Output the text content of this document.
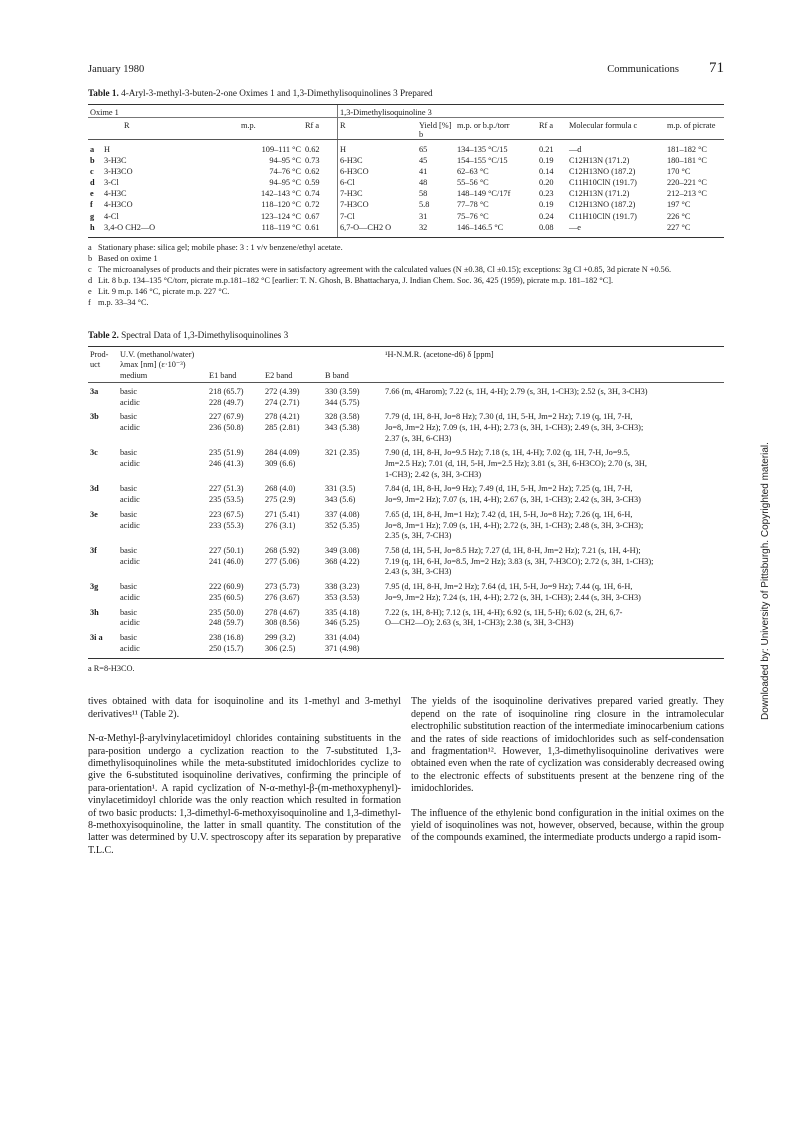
January 1980	Communications 71
Table 1. 4-Aryl-3-methyl-3-buten-2-one Oximes 1 and 1,3-Dimethylisoquinolines 3 Prepared
Oxime 1				1,3-Dimethylisoquinoline 3					
	R	m.p.	Rf a	R	Yield [%] b	m.p. or b.p./torr	Rf a	Molecular formula c	m.p. of picrate
a	H	109–111 °C	0.62	H	65	134–135 °C/15	0.21	—d	181–182 °C
b	3-H3C	94–95 °C	0.73	6-H3C	45	154–155 °C/15	0.19	C12H13N (171.2)	180–181 °C
c	3-H3CO	74–76 °C	0.62	6-H3CO	41	62–63 °C	0.14	C12H13NO (187.2)	170 °C
d	3-Cl	94–95 °C	0.59	6-Cl	48	55–56 °C	0.20	C11H10ClN (191.7)	220–221 °C
e	4-H3C	142–143 °C	0.74	7-H3C	58	148–149 °C/17f	0.23	C12H13N (171.2)	212–213 °C
f	4-H3CO	118–120 °C	0.72	7-H3CO	5.8	77–78 °C	0.19	C12H13NO (187.2)	197 °C
g	4-Cl	123–124 °C	0.67	7-Cl	31	75–76 °C	0.24	C11H10ClN (191.7)	226 °C
h	3,4-O CH2—O	118–119 °C	0.61	6,7-O—CH2 O	32	146–146.5 °C	0.08	—e	227 °C

a Stationary phase: silica gel; mobile phase: 3 : 1 v/v benzene/ethyl acetate.

b Based on oxime 1

c The microanalyses of products and their picrates were in satisfactory agreement with the calculated values (N ±0.38, Cl ±0.15); exceptions: 3g Cl +0.85, 3d picrate N +0.56.

d Lit. 8 b.p. 134–135 °C/torr, picrate m.p.181–182 °C [earlier: T. N. Ghosh, B. Bhattacharya, J. Indian Chem. Soc. 36, 425 (1959), picrate m.p. 181–182 °C].

e Lit. 9 m.p. 146 °C, picrate m.p. 227 °C.

f m.p. 33–34 °C.

Table 2. Spectral Data of 1,3-Dimethylisoquinolines 3
Prod-uct	U.V. (methanol/water) λmax [nm] (ε·10⁻³) medium	E1 band	E2 band	B band	¹H-N.M.R. (acetone-d6) δ [ppm]
3a	basic	218 (65.7)	272 (4.39)	330 (3.59)	7.66 (m, 4Harom); 7.22 (s, 1H, 4-H); 2.79 (s, 3H, 1-CH3); 2.52 (s, 3H, 3-CH3)
	acidic	228 (49.7)	274 (2.71)	344 (5.75)	
3b	basic	227 (67.9)	278 (4.21)	328 (3.58)	7.79 (d, 1H, 8-H, Jo=8 Hz); 7.30 (d, 1H, 5-H, Jm=2 Hz); 7.19 (q, 1H, 7-H,
	acidic	236 (50.8)	285 (2.81)	343 (5.38)	Jo=8, Jm=2 Hz); 7.09 (s, 1H, 4-H); 2.73 (s, 3H, 1-CH3); 2.49 (s, 3H, 3-CH3);
					2.37 (s, 3H, 6-CH3)
3c	basic	235 (51.9)	284 (4.09)	321 (2.35)	7.90 (d, 1H, 8-H, Jo=9.5 Hz); 7.18 (s, 1H, 4-H); 7.02 (q, 1H, 7-H, Jo=9.5,
	acidic	246 (41.3)	309 (6.6)		Jm=2.5 Hz); 7.01 (d, 1H, 5-H, Jm=2.5 Hz); 3.81 (s, 3H, 6-H3CO); 2.70 (s, 3H,
					1-CH3); 2.42 (s, 3H, 3-CH3)
3d	basic	227 (51.3)	268 (4.0)	331 (3.5)	7.84 (d, 1H, 8-H, Jo=9 Hz); 7.49 (d, 1H, 5-H, Jm=2 Hz); 7.25 (q, 1H, 7-H,
	acidic	235 (53.5)	275 (2.9)	343 (5.6)	Jo=9, Jm=2 Hz); 7.07 (s, 1H, 4-H); 2.67 (s, 3H, 1-CH3); 2.42 (s, 3H, 3-CH3)
3e	basic	223 (67.5)	271 (5.41)	337 (4.08)	7.65 (d, 1H, 8-H, Jm=1 Hz); 7.42 (d, 1H, 5-H, Jo=8 Hz); 7.26 (q, 1H, 6-H,
	acidic	233 (55.3)	276 (3.1)	352 (5.35)	Jo=8, Jm=1 Hz); 7.09 (s, 1H, 4-H); 2.72 (s, 3H, 1-CH3); 2.48 (s, 3H, 3-CH3);
					2.35 (s, 3H, 7-CH3)
3f	basic	227 (50.1)	268 (5.92)	349 (3.08)	7.58 (d, 1H, 5-H, Jo=8.5 Hz); 7.27 (d, 1H, 8-H, Jm=2 Hz); 7.21 (s, 1H, 4-H);
	acidic	241 (46.0)	277 (5.06)	368 (4.22)	7.19 (q, 1H, 6-H, Jo=8.5, Jm=2 Hz); 3.83 (s, 3H, 7-H3CO); 2.72 (s, 3H, 1-CH3);
					2.43 (s, 3H, 3-CH3)
3g	basic	222 (60.9)	273 (5.73)	338 (3.23)	7.95 (d, 1H, 8-H, Jm=2 Hz); 7.64 (d, 1H, 5-H, Jo=9 Hz); 7.44 (q, 1H, 6-H,
	acidic	235 (60.5)	276 (3.67)	353 (3.53)	Jo=9, Jm=2 Hz); 7.24 (s, 1H, 4-H); 2.72 (s, 3H, 1-CH3); 2.44 (s, 3H, 3-CH3)
3h	basic	235 (50.0)	278 (4.67)	335 (4.18)	7.22 (s, 1H, 8-H); 7.12 (s, 1H, 4-H); 6.92 (s, 1H, 5-H); 6.02 (s, 2H, 6,7-
	acidic	248 (59.7)	308 (8.56)	346 (5.25)	O—CH2—O); 2.63 (s, 3H, 1-CH3); 2.38 (s, 3H, 3-CH3)
3i a	basic	238 (16.8)	299 (3.2)	331 (4.04)	
	acidic	250 (15.7)	306 (2.5)	371 (4.98)	
a R=8-H3CO.

tives obtained with data for isoquinoline and its 1-methyl and 3-methyl derivatives¹¹ (Table 2).

N-α-Methyl-β-arylvinylacetimidoyl chlorides containing substituents in the para-position undergo a cyclization reaction to the 7-substituted 1,3-dimethylisoquinolines while the meta-substituted imidochlorides cyclize to give the 6-substituted isoquinoline derivatives, confirming the principle of para-orientation¹. A rapid cyclization of N-α-methyl-β-(m-methoxyphenyl)-vinylacetimidoyl chloride was the only reaction which resulted in formation of two basic products: 1,3-dimethyl-6-methoxyisoquinoline and 1,3-dimethyl-8-methoxyisoquinoline, the latter in small quantity. The constitution of the latter was determined by U.V. spectroscopy after its separation by preparative T.L.C.

The yields of the isoquinoline derivatives prepared varied greatly. They depend on the rate of isoquinoline ring closure in the intramolecular electrophilic substitution reaction of the intermediate iminocarbenium cations and the rates of side reactions of imidochlorides such as self-condensation and fragmentation¹². However, 1,3-dimethylisoquinoline derivatives were obtained even when the rate of cyclization was considerably decreased owing to the electronic effects of substituents present at the benzene ring of the imidochlorides.

The influence of the ethylenic bond configuration in the initial oximes on the yield of isoquinolines was not, however, observed, because, within the group of the compounds examined, the intermediate products undergo a rapid isom-

Downloaded by: University of Pittsburgh. Copyrighted material.
